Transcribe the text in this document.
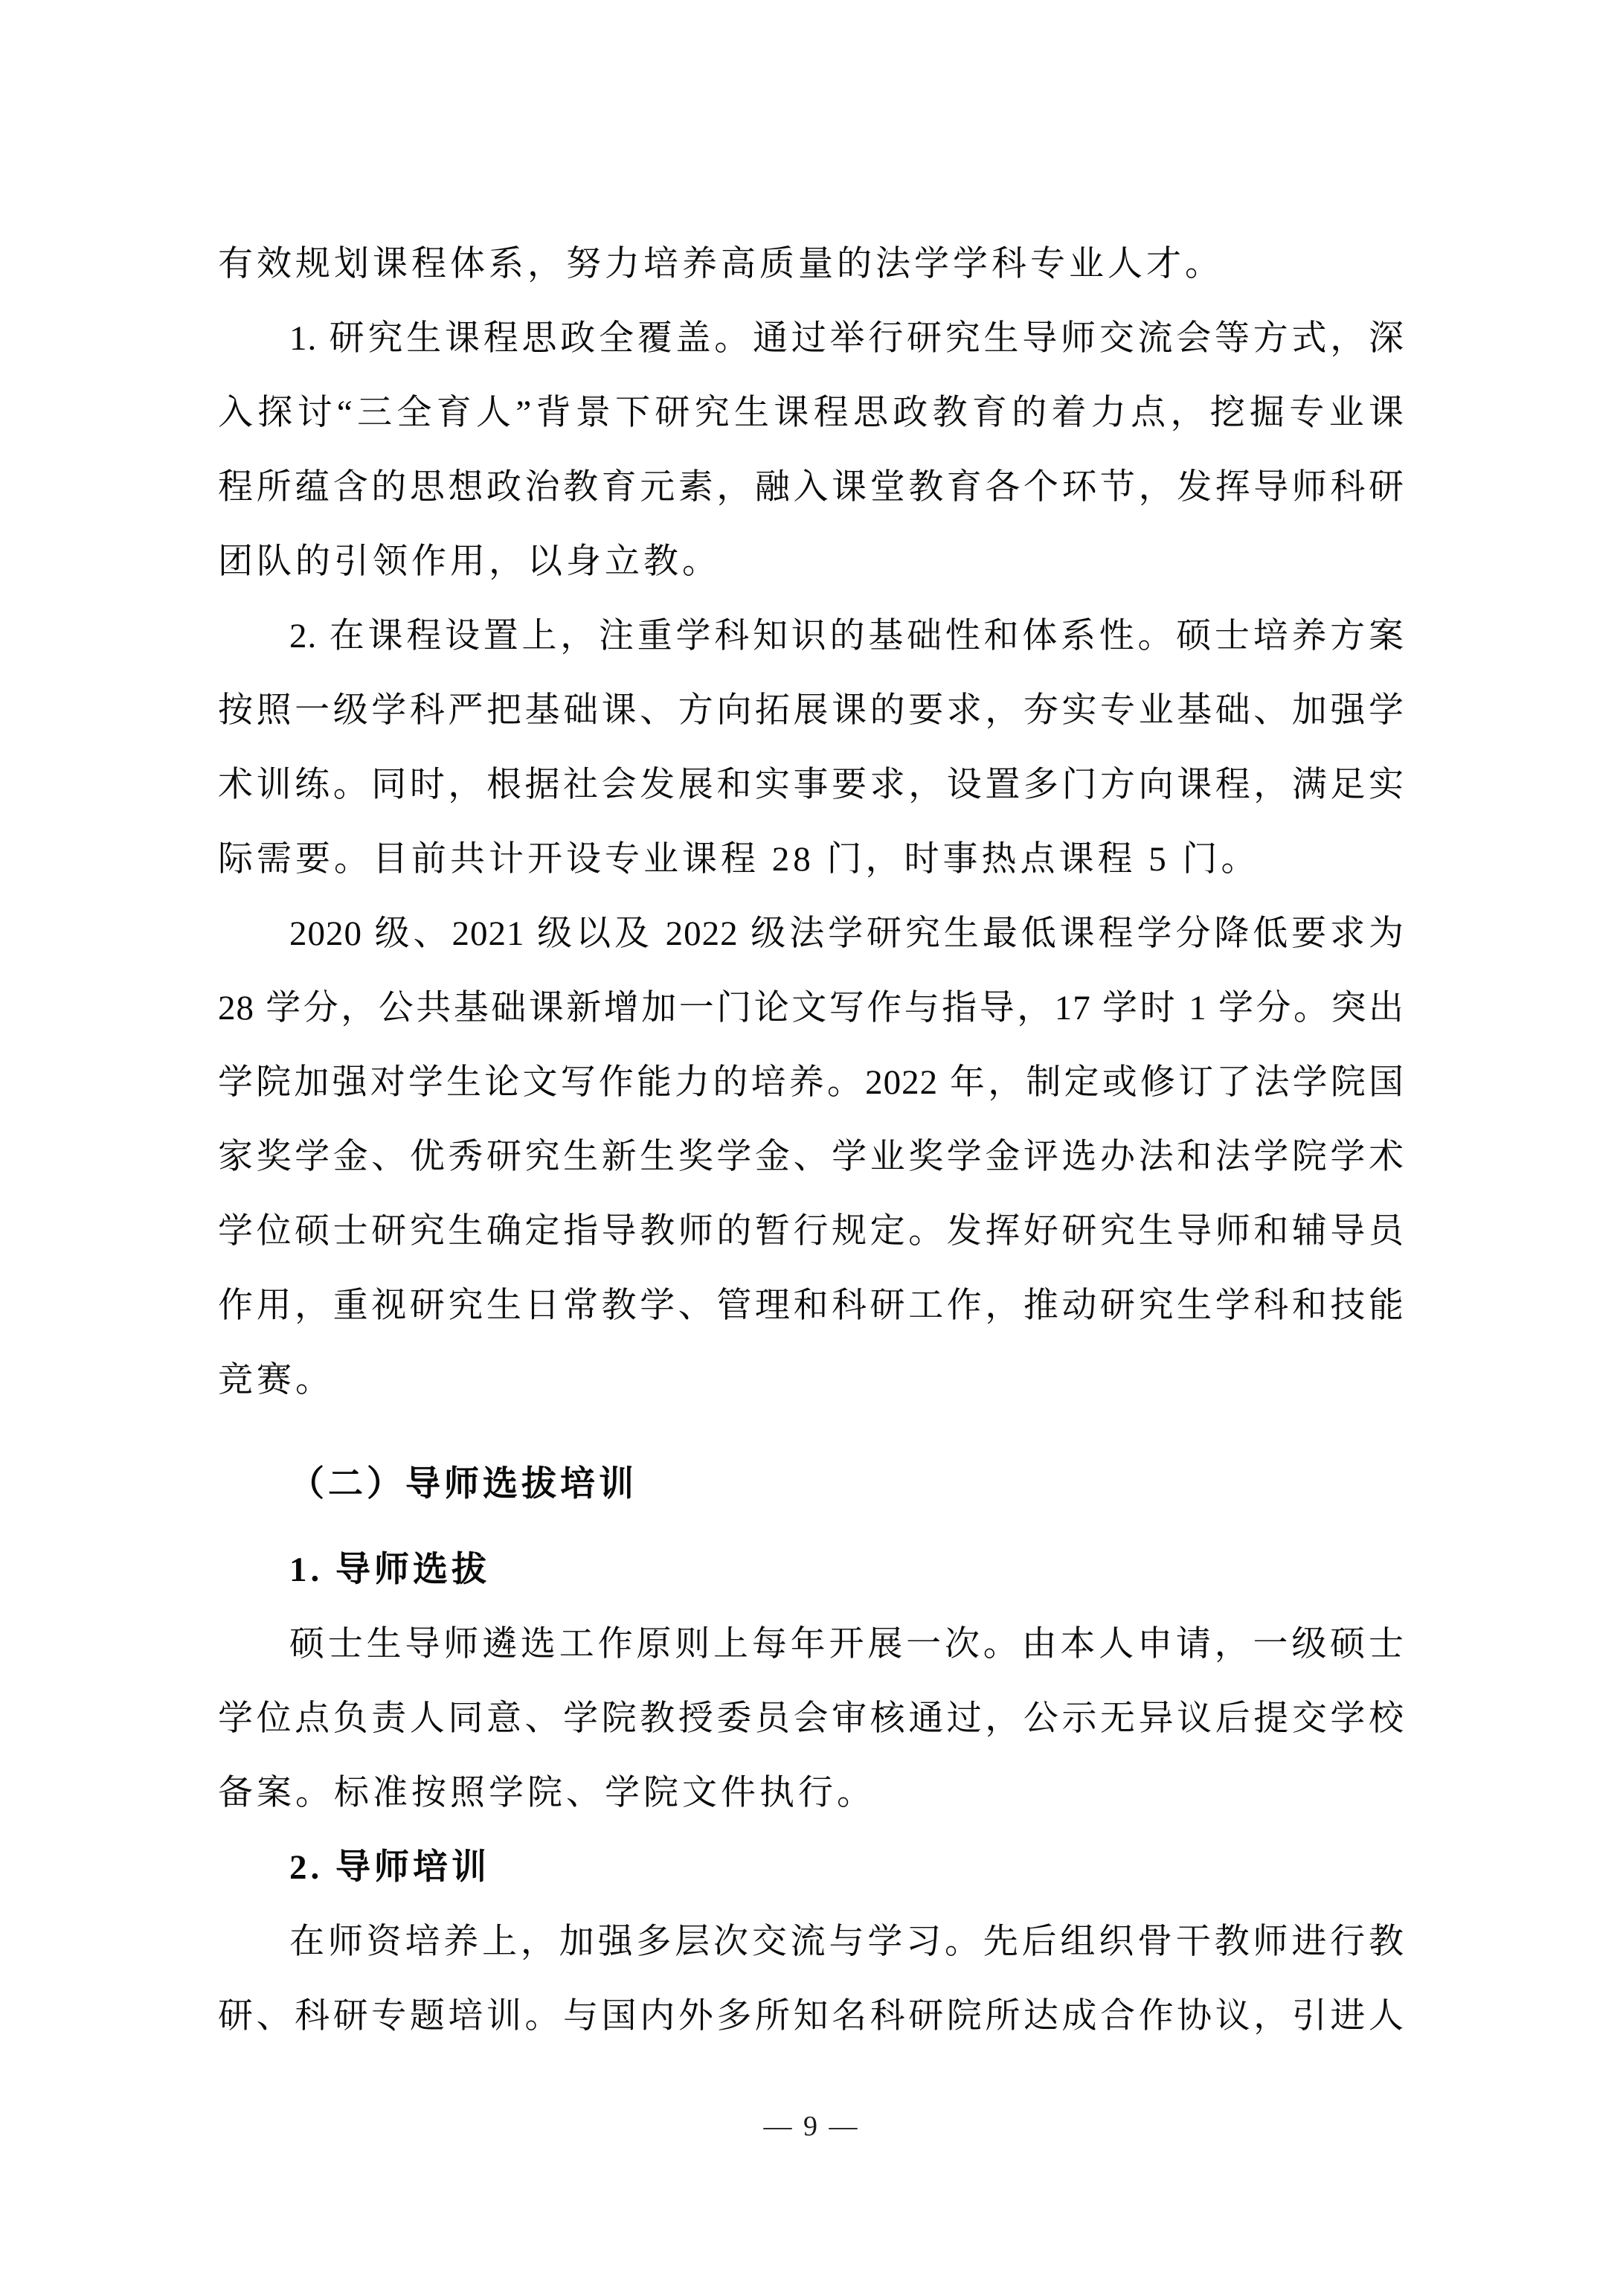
有效规划课程体系，努力培养高质量的法学学科专业人才。
1. 研究生课程思政全覆盖。通过举行研究生导师交流会等方式，深
入探讨“三全育人”背景下研究生课程思政教育的着力点，挖掘专业课
程所蕴含的思想政治教育元素，融入课堂教育各个环节，发挥导师科研
团队的引领作用，以身立教。
2. 在课程设置上，注重学科知识的基础性和体系性。硕士培养方案
按照一级学科严把基础课、方向拓展课的要求，夯实专业基础、加强学
术训练。同时，根据社会发展和实事要求，设置多门方向课程，满足实
际需要。目前共计开设专业课程 28 门，时事热点课程 5 门。
2020 级、2021 级以及 2022 级法学研究生最低课程学分降低要求为
28 学分，公共基础课新增加一门论文写作与指导，17 学时 1 学分。突出
学院加强对学生论文写作能力的培养。2022 年，制定或修订了法学院国
家奖学金、优秀研究生新生奖学金、学业奖学金评选办法和法学院学术
学位硕士研究生确定指导教师的暂行规定。发挥好研究生导师和辅导员
作用，重视研究生日常教学、管理和科研工作，推动研究生学科和技能
竞赛。
（二）导师选拔培训
1. 导师选拔
硕士生导师遴选工作原则上每年开展一次。由本人申请，一级硕士
学位点负责人同意、学院教授委员会审核通过，公示无异议后提交学校
备案。标准按照学院、学院文件执行。
2. 导师培训
在师资培养上，加强多层次交流与学习。先后组织骨干教师进行教
研、科研专题培训。与国内外多所知名科研院所达成合作协议，引进人
— 9 —
